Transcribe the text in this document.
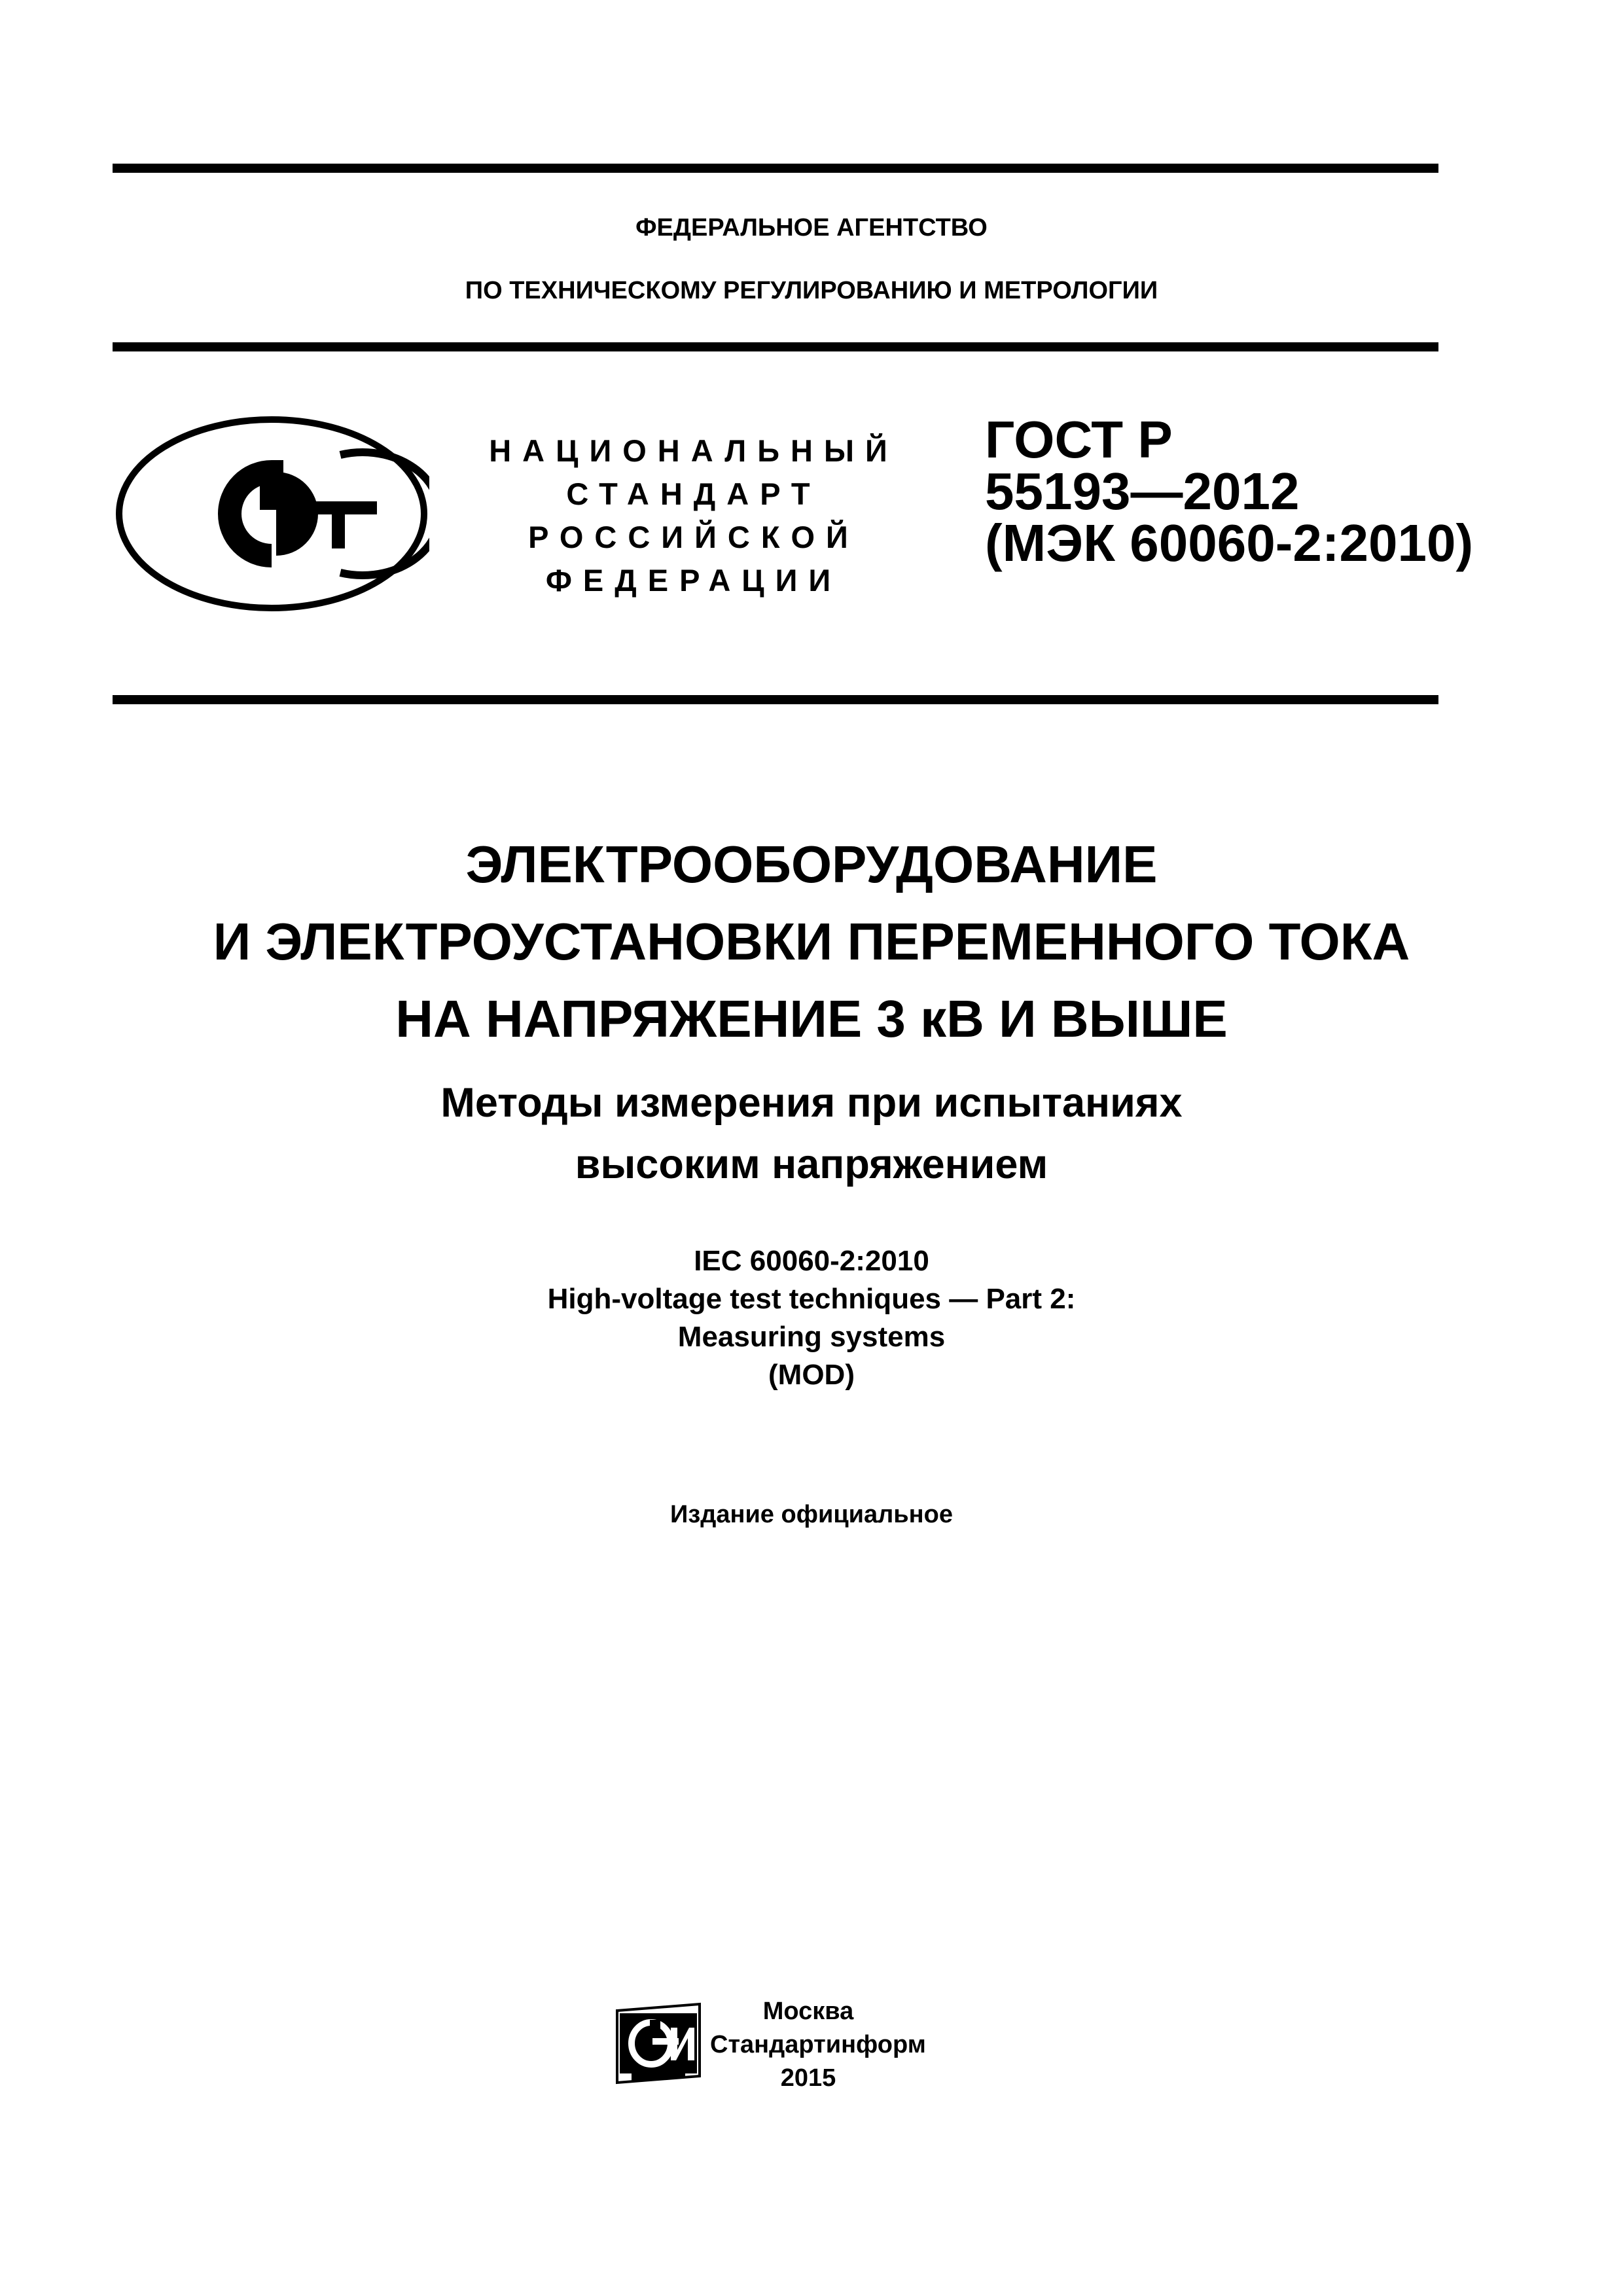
ФЕДЕРАЛЬНОЕ АГЕНТСТВО
ПО ТЕХНИЧЕСКОМУ РЕГУЛИРОВАНИЮ И МЕТРОЛОГИИ
НАЦИОНАЛЬНЫЙ
СТАНДАРТ
РОССИЙСКОЙ
ФЕДЕРАЦИИ
ГОСТ Р
55193—2012
(МЭК 60060-2:2010)
ЭЛЕКТРООБОРУДОВАНИЕ
И ЭЛЕКТРОУСТАНОВКИ ПЕРЕМЕННОГО ТОКА
НА НАПРЯЖЕНИЕ 3 кВ И ВЫШЕ
Методы измерения при испытаниях
высоким напряжением
IEC 60060-2:2010
High-voltage test techniques — Part 2:
Measuring systems
(MOD)
Издание официальное
Москва
Стандартинформ
2015
